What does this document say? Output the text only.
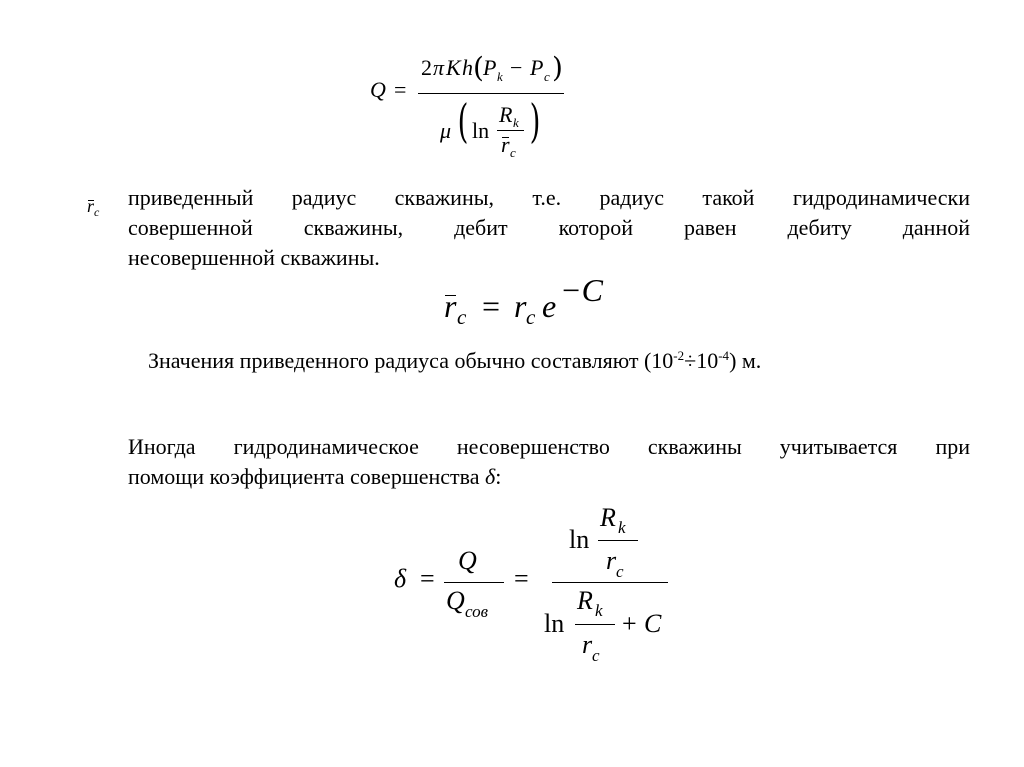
Q =
2 π K h ( P k − P c )
μ ( ln
R k
r c
)
$r_c$
приведенный радиус скважины, т.е. радиус такой гидродинамически
совершенной скважины, дебит которой равен дебиту данной
несовершенной скважины.
r c = r c e −C
Значения приведенного радиуса обычно составляют $(10^{-2}\div 10^{-4})$ м.
Иногда гидродинамическое несовершенство скважины учитывается при
помощи коэффициента совершенства δ:
δ =
Q
Q сов
=
ln
R k
r c
ln
R k
r c
+ C
